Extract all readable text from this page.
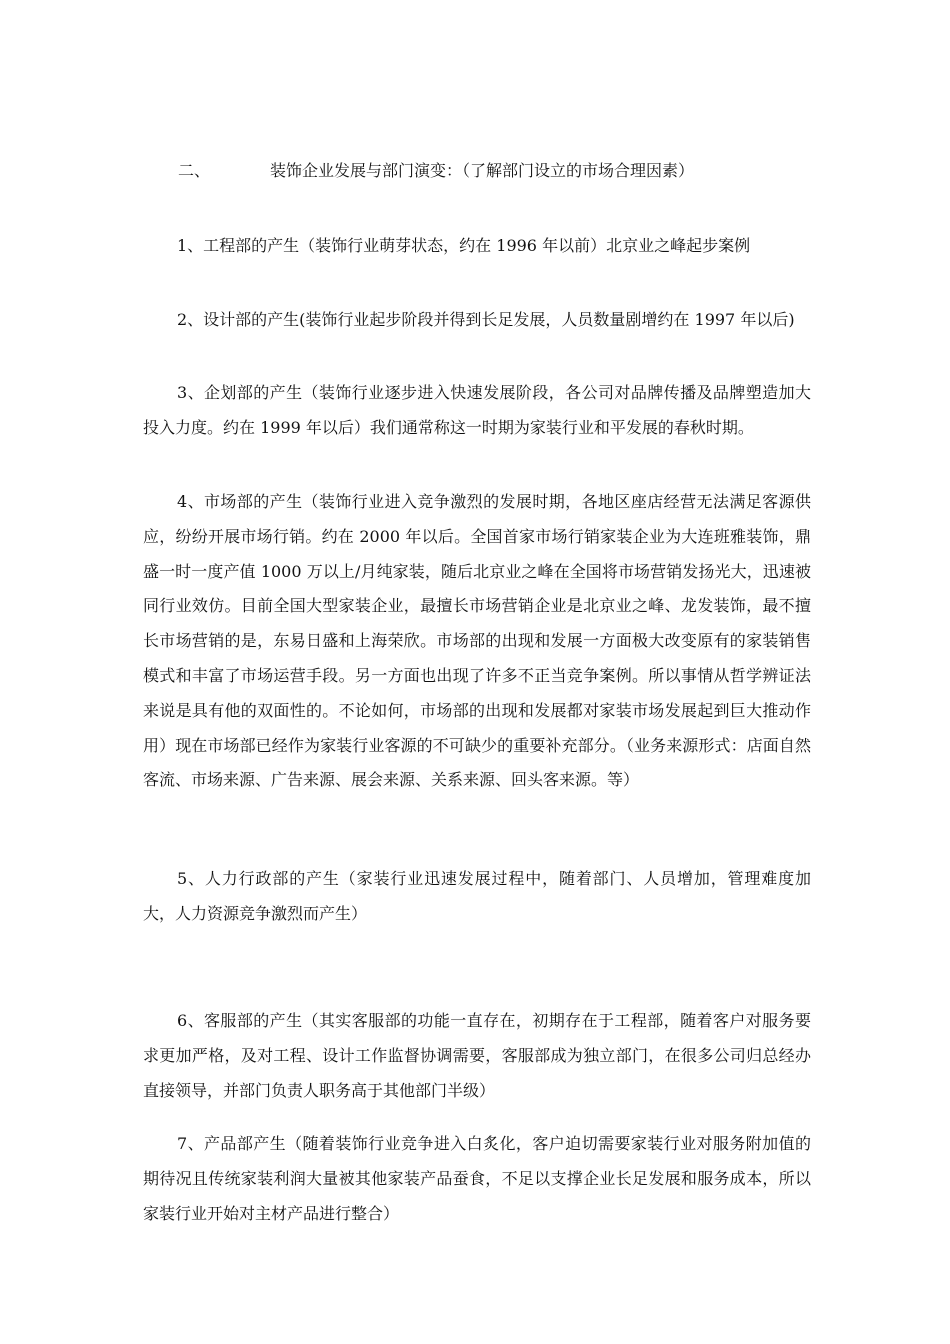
二、	装饰企业发展与部门演变：（了解部门设立的市场合理因素）

1、工程部的产生（装饰行业萌芽状态，约在 1996 年以前）北京业之峰起步案例

2、设计部的产生(装饰行业起步阶段并得到长足发展，人员数量剧增约在 1997 年以后)

3、企划部的产生（装饰行业逐步进入快速发展阶段，各公司对品牌传播及品牌塑造加大投入力度。约在 1999 年以后）我们通常称这一时期为家装行业和平发展的春秋时期。

4、市场部的产生（装饰行业进入竞争激烈的发展时期，各地区座店经营无法满足客源供应，纷纷开展市场行销。约在 2000 年以后。全国首家市场行销家装企业为大连班雅装饰，鼎盛一时一度产值 1000 万以上/月纯家装，随后北京业之峰在全国将市场营销发扬光大，迅速被同行业效仿。目前全国大型家装企业，最擅长市场营销企业是北京业之峰、龙发装饰，最不擅长市场营销的是，东易日盛和上海荣欣。市场部的出现和发展一方面极大改变原有的家装销售模式和丰富了市场运营手段。另一方面也出现了许多不正当竞争案例。所以事情从哲学辨证法来说是具有他的双面性的。不论如何，市场部的出现和发展都对家装市场发展起到巨大推动作用）现在市场部已经作为家装行业客源的不可缺少的重要补充部分。（业务来源形式：店面自然客流、市场来源、广告来源、展会来源、关系来源、回头客来源。等）

5、人力行政部的产生（家装行业迅速发展过程中，随着部门、人员增加，管理难度加大，人力资源竞争激烈而产生）

6、客服部的产生（其实客服部的功能一直存在，初期存在于工程部，随着客户对服务要求更加严格，及对工程、设计工作监督协调需要，客服部成为独立部门，在很多公司归总经办直接领导，并部门负责人职务高于其他部门半级）

7、产品部产生（随着装饰行业竞争进入白炙化，客户迫切需要家装行业对服务附加值的期待况且传统家装利润大量被其他家装产品蚕食，不足以支撑企业长足发展和服务成本，所以家装行业开始对主材产品进行整合）
